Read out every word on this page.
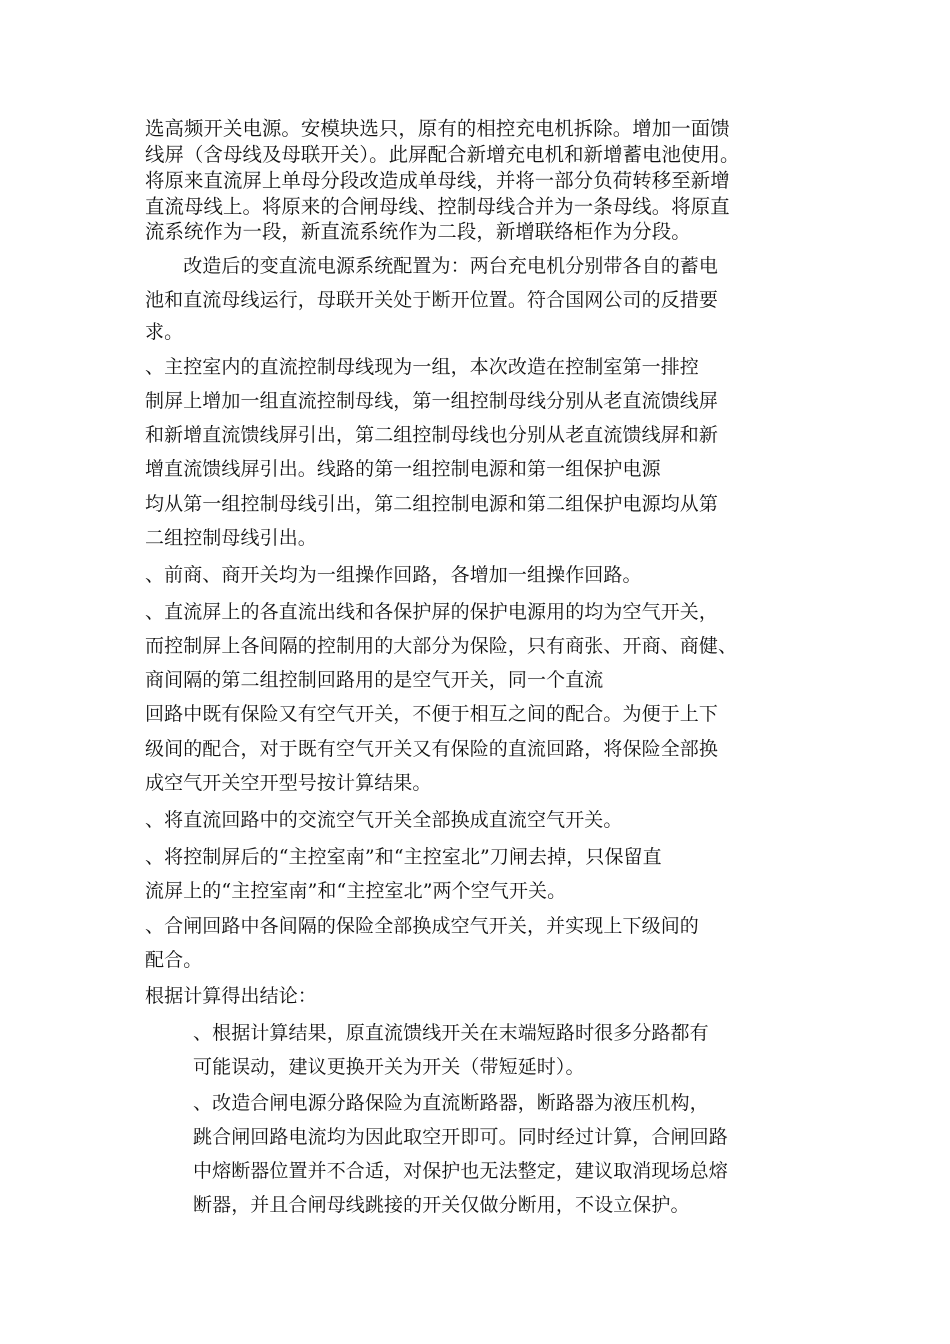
选高频开关电源。安模块选只，原有的相控充电机拆除。增加一面馈
线屏（含母线及母联开关）。此屏配合新增充电机和新增蓄电池使用。
将原来直流屏上单母分段改造成单母线，并将一部分负荷转移至新增
直流母线上。将原来的合闸母线、控制母线合并为一条母线。将原直
流系统作为一段，新直流系统作为二段，新增联络柜作为分段。
　　改造后的变直流电源系统配置为：两台充电机分别带各自的蓄电
池和直流母线运行，母联开关处于断开位置。符合国网公司的反措要
求。
、主控室内的直流控制母线现为一组，本次改造在控制室第一排控
制屏上增加一组直流控制母线，第一组控制母线分别从老直流馈线屏
和新增直流馈线屏引出，第二组控制母线也分别从老直流馈线屏和新
增直流馈线屏引出。线路的第一组控制电源和第一组保护电源
均从第一组控制母线引出，第二组控制电源和第二组保护电源均从第
二组控制母线引出。
、前商、商开关均为一组操作回路，各增加一组操作回路。
、直流屏上的各直流出线和各保护屏的保护电源用的均为空气开关，
而控制屏上各间隔的控制用的大部分为保险，只有商张、开商、商健、
商间隔的第二组控制回路用的是空气开关，同一个直流
回路中既有保险又有空气开关，不便于相互之间的配合。为便于上下
级间的配合，对于既有空气开关又有保险的直流回路，将保险全部换
成空气开关空开型号按计算结果。
、将直流回路中的交流空气开关全部换成直流空气开关。
、将控制屏后的“主控室南”和“主控室北”刀闸去掉，只保留直
流屏上的“主控室南”和“主控室北”两个空气开关。
、合闸回路中各间隔的保险全部换成空气开关，并实现上下级间的
配合。
根据计算得出结论：
、根据计算结果，原直流馈线开关在末端短路时很多分路都有
可能误动，建议更换开关为开关（带短延时）。
、改造合闸电源分路保险为直流断路器，断路器为液压机构，
跳合闸回路电流均为因此取空开即可。同时经过计算，合闸回路
中熔断器位置并不合适，对保护也无法整定，建议取消现场总熔
断器，并且合闸母线跳接的开关仅做分断用，不设立保护。
